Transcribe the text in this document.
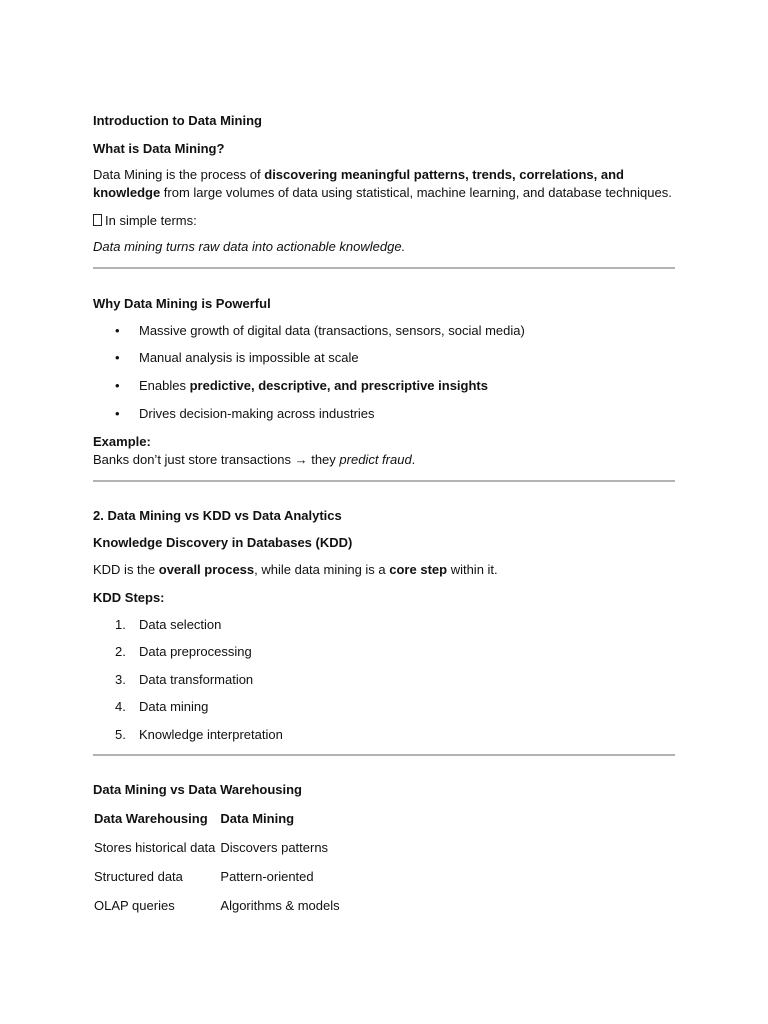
Introduction to Data Mining

What is Data Mining?

Data Mining is the process of discovering meaningful patterns, trends, correlations, and knowledge from large volumes of data using statistical, machine learning, and database techniques.

In simple terms:

Data mining turns raw data into actionable knowledge.

Why Data Mining is Powerful

• Massive growth of digital data (transactions, sensors, social media)
• Manual analysis is impossible at scale
• Enables predictive, descriptive, and prescriptive insights
• Drives decision-making across industries

Example:

Banks don’t just store transactions → they predict fraud.

2. Data Mining vs KDD vs Data Analytics

Knowledge Discovery in Databases (KDD)

KDD is the overall process, while data mining is a core step within it.

KDD Steps:

1. Data selection
2. Data preprocessing
3. Data transformation
4. Data mining
5. Knowledge interpretation

Data Mining vs Data Warehousing

Data Warehousing	Data Mining
Stores historical data	Discovers patterns
Structured data	Pattern-oriented
OLAP queries	Algorithms & models
